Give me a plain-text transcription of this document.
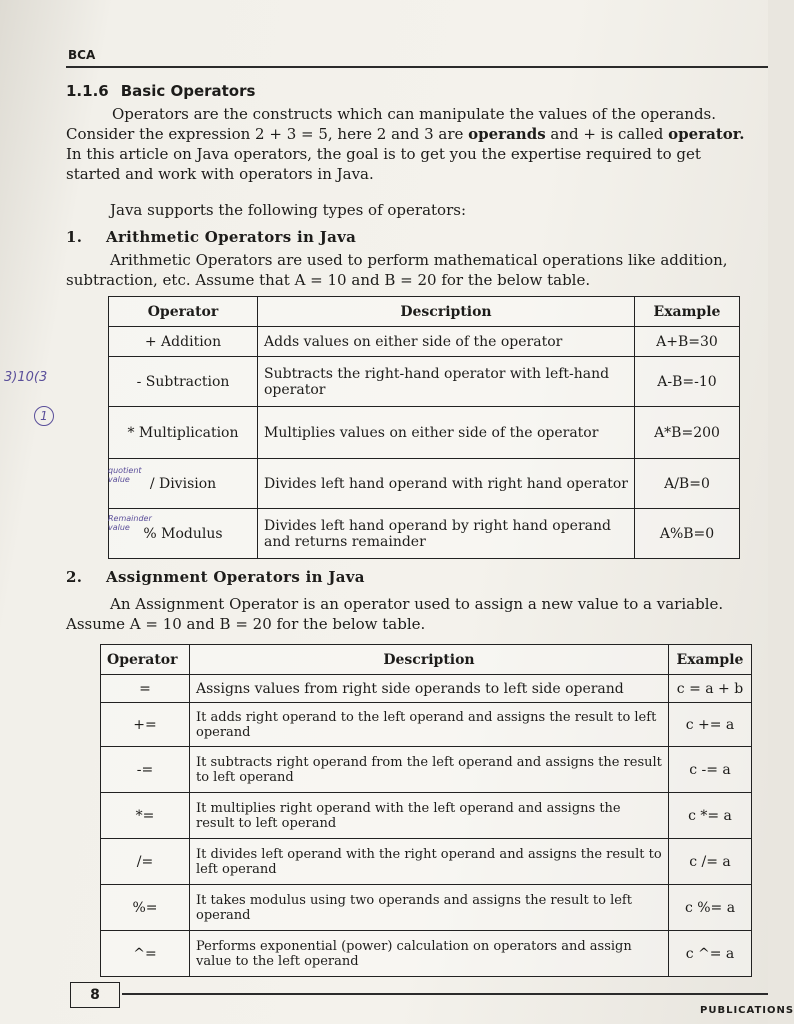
BCA
1.1.6 Basic Operators
Operators are the constructs which can manipulate the values of the operands.
Consider the expression 2 + 3 = 5, here 2 and 3 are operands and + is called operator.
In this article on Java operators, the goal is to get you the expertise required to get
started and work with operators in Java.
Java supports the following types of operators:
1. Arithmetic Operators in Java
Arithmetic Operators are used to perform mathematical operations like addition,
subtraction, etc. Assume that A = 10 and B = 20 for the below table.
Operator	Description	Example
+ Addition	Adds values on either side of the operator	A+B=30
- Subtraction	Subtracts the right-hand operator with left-hand operator	A-B=-10
* Multiplication	Multiplies values on either side of the operator	A*B=200
/ Division	Divides left hand operand with right hand operator	A/B=0
% Modulus	Divides left hand operand by right hand operand and returns remainder	A%B=0
3)10(3
1
quotient value
Remainder value
2. Assignment Operators in Java
An Assignment Operator is an operator used to assign a new value to a variable.
Assume A = 10 and B = 20 for the below table.
Operator	Description	Example
=	Assigns values from right side operands to left side operand	c = a + b
+=	It adds right operand to the left operand and assigns the result to left operand	c += a
-=	It subtracts right operand from the left operand and assigns the result to left operand	c -= a
*=	It multiplies right operand with the left operand and assigns the result to left operand	c *= a
/=	It divides left operand with the right operand and assigns the result to left operand	c /= a
%=	It takes modulus using two operands and assigns the result to left operand	c %= a
^=	Performs exponential (power) calculation on operators and assign value to the left operand	c ^= a
8
PUBLICATIONS
